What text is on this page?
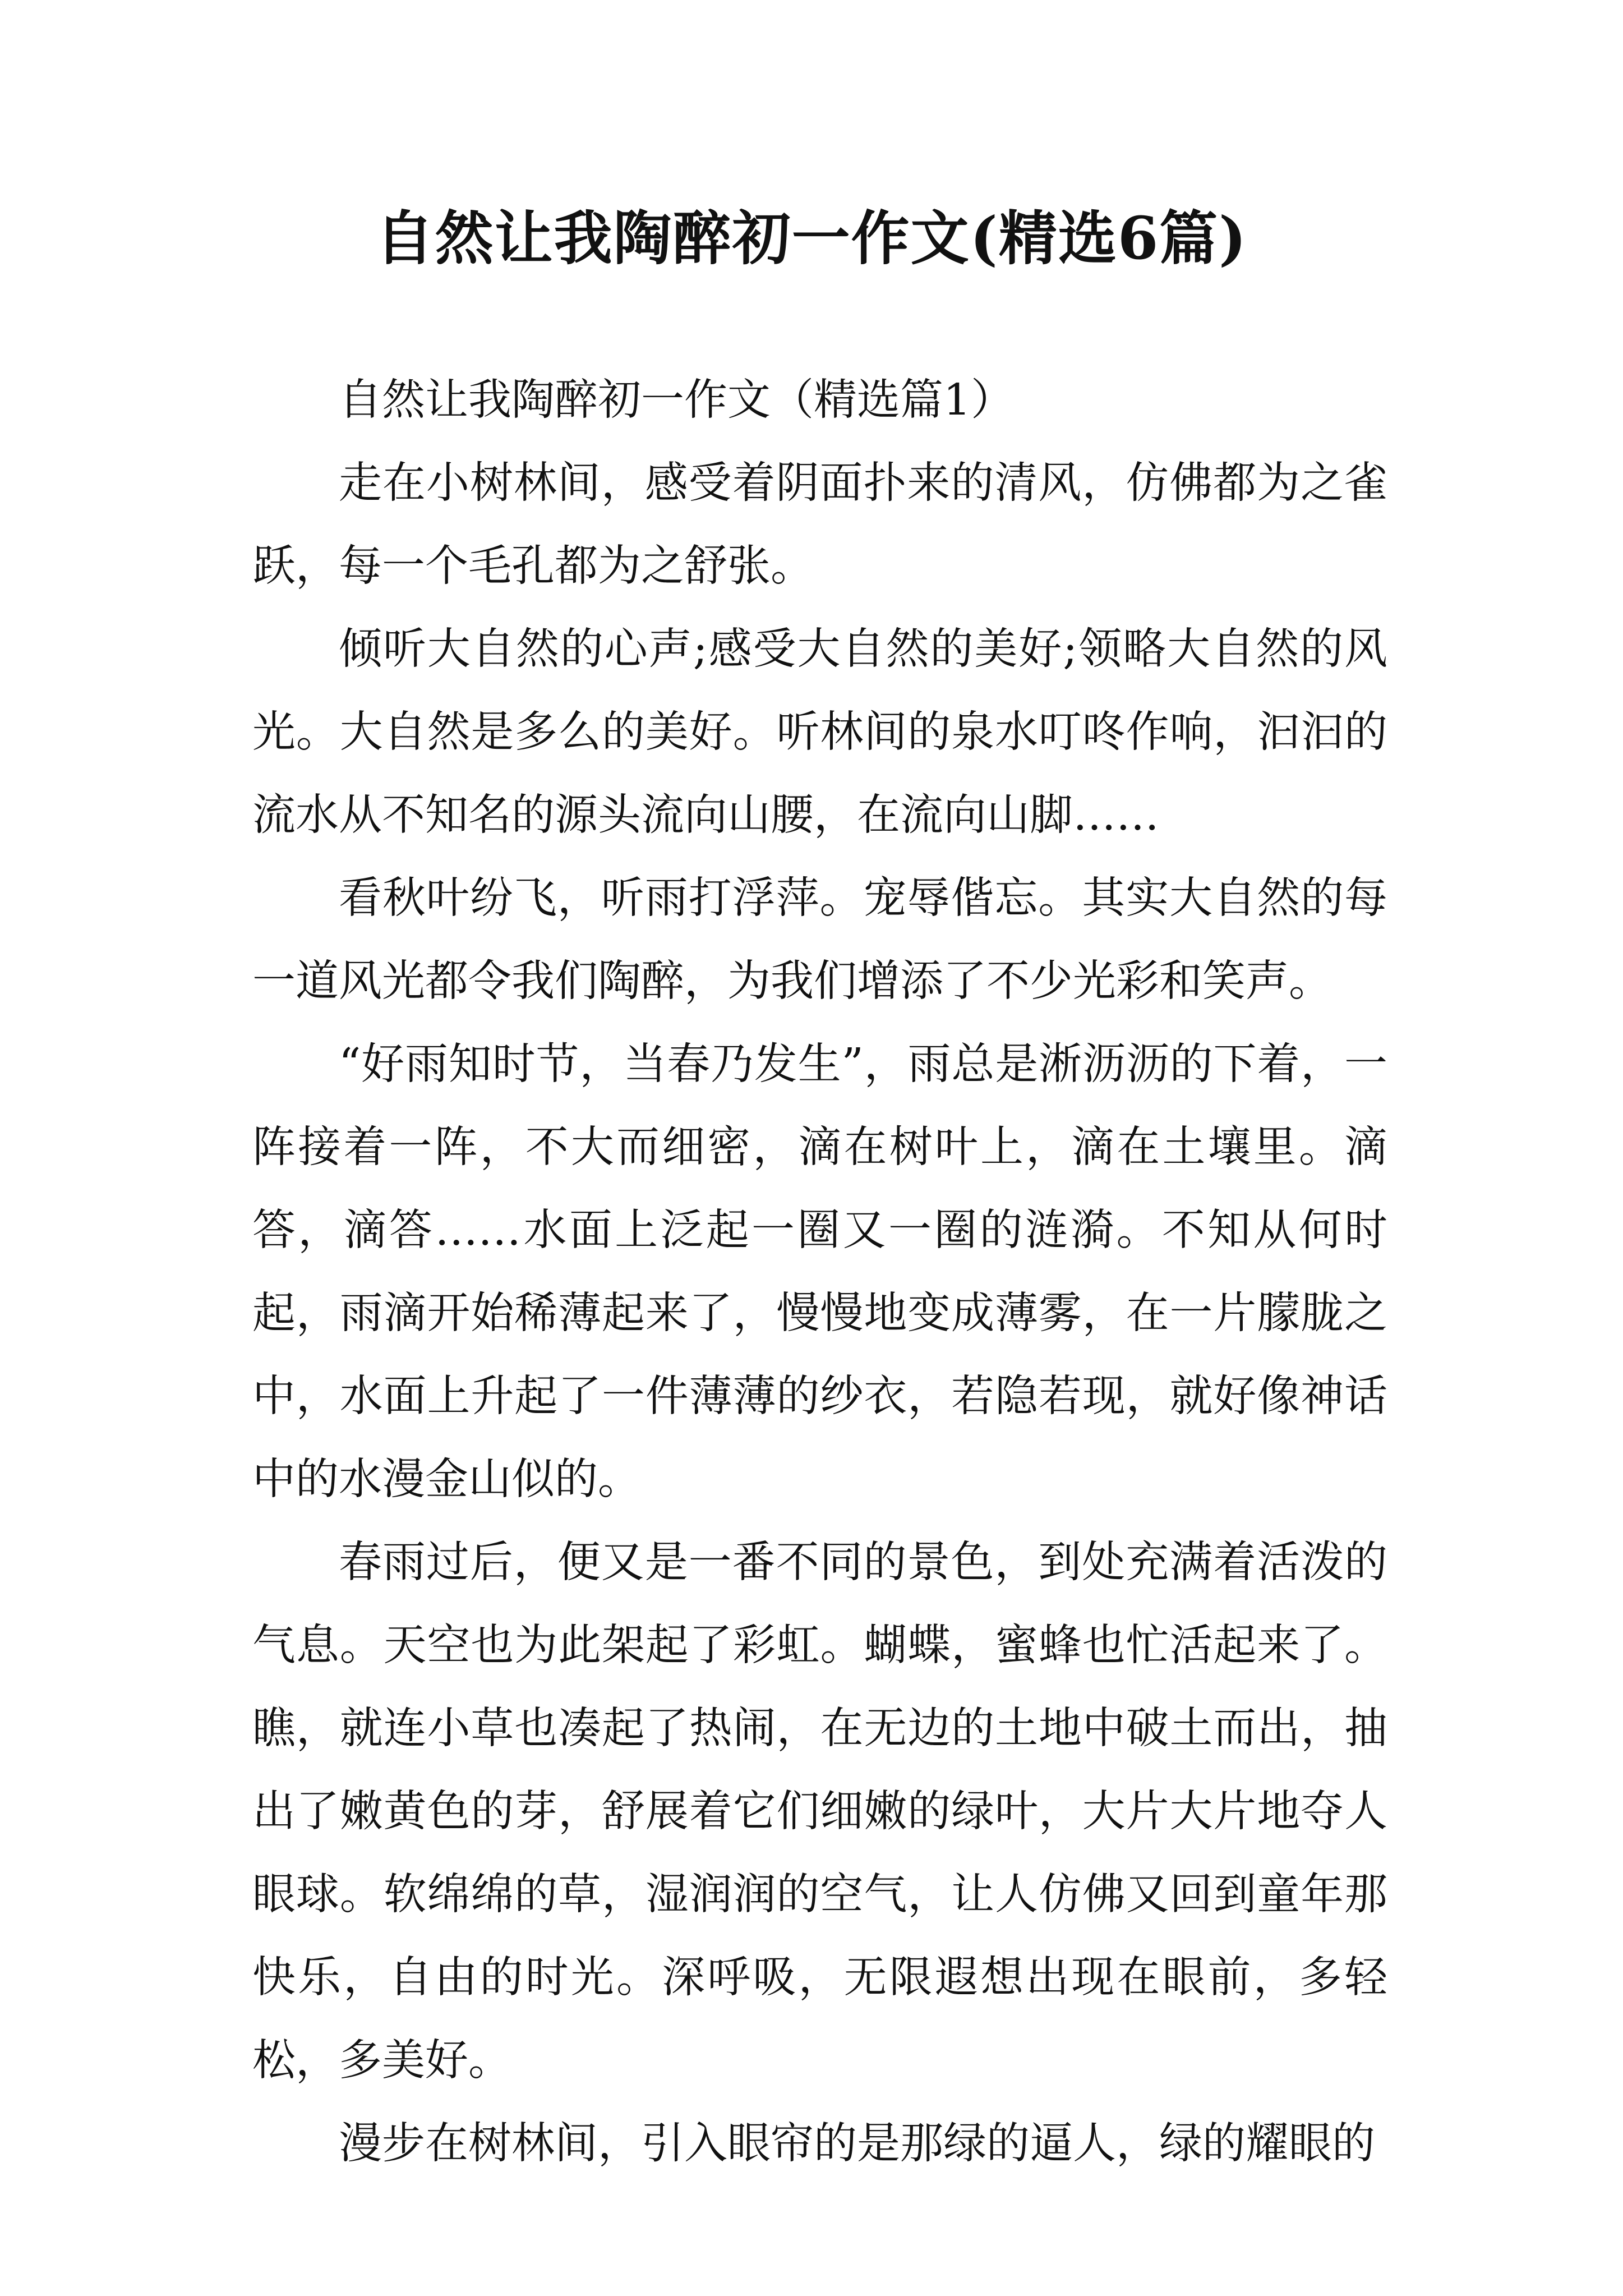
自然让我陶醉初一作文(精选6篇)

自然让我陶醉初一作文（精选篇1）

走在小树林间，感受着阴面扑来的清风，仿佛都为之雀跃，每一个毛孔都为之舒张。

倾听大自然的心声;感受大自然的美好;领略大自然的风光。大自然是多么的美好。听林间的泉水叮咚作响，汩汩的流水从不知名的源头流向山腰，在流向山脚……

看秋叶纷飞，听雨打浮萍。宠辱偕忘。其实大自然的每一道风光都令我们陶醉，为我们增添了不少光彩和笑声。

“好雨知时节，当春乃发生”，雨总是淅沥沥的下着，一阵接着一阵，不大而细密，滴在树叶上，滴在土壤里。滴答，滴答……水面上泛起一圈又一圈的涟漪。不知从何时起，雨滴开始稀薄起来了，慢慢地变成薄雾，在一片朦胧之中，水面上升起了一件薄薄的纱衣，若隐若现，就好像神话中的水漫金山似的。

春雨过后，便又是一番不同的景色，到处充满着活泼的气息。天空也为此架起了彩虹。蝴蝶，蜜蜂也忙活起来了。瞧，就连小草也凑起了热闹，在无边的土地中破土而出，抽出了嫩黄色的芽，舒展着它们细嫩的绿叶，大片大片地夺人眼球。软绵绵的草，湿润润的空气，让人仿佛又回到童年那快乐，自由的时光。深呼吸，无限遐想出现在眼前，多轻松，多美好。

漫步在树林间，引入眼帘的是那绿的逼人，绿的耀眼的
